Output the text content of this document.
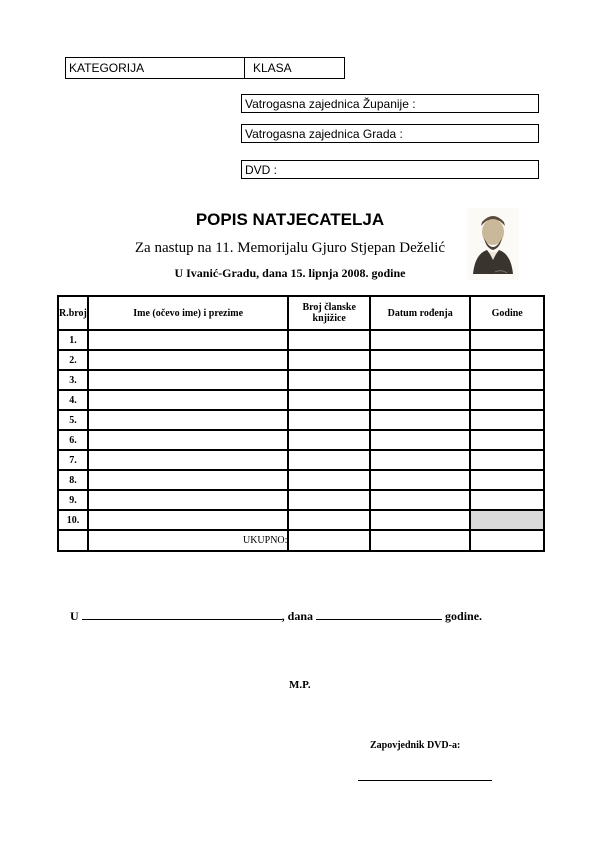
KATEGORIJA	KLASA
Vatrogasna zajednica Županije :
Vatrogasna zajednica Grada :
DVD :
POPIS NATJECATELJA
Za nastup na 11. Memorijalu Gjuro Stjepan Deželić
U Ivanić-Gradu, dana 15. lipnja 2008. godine
R.broj	Ime (očevo ime) i prezime	Broj članske knjižice	Datum rođenja	Godine
1.				
2.				
3.				
4.				
5.				
6.				
7.				
8.				
9.				
10.				
	UKUPNO:			
U	, dana	godine.
M.P.
Zapovjednik DVD-a:
